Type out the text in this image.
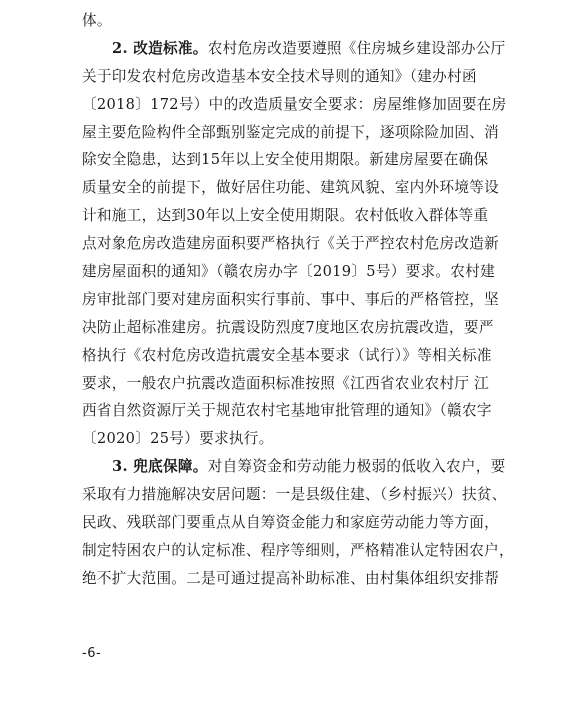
体。
2. 改造标准。农村危房改造要遵照《住房城乡建设部办公厅
关于印发农村危房改造基本安全技术导则的通知》（建办村函
〔2018〕172号）中的改造质量安全要求：房屋维修加固要在房
屋主要危险构件全部甄别鉴定完成的前提下，逐项除险加固、消
除安全隐患，达到15年以上安全使用期限。新建房屋要在确保
质量安全的前提下，做好居住功能、建筑风貌、室内外环境等设
计和施工，达到30年以上安全使用期限。农村低收入群体等重
点对象危房改造建房面积要严格执行《关于严控农村危房改造新
建房屋面积的通知》（赣农房办字〔2019〕5号）要求。农村建
房审批部门要对建房面积实行事前、事中、事后的严格管控，坚
决防止超标准建房。抗震设防烈度7度地区农房抗震改造，要严
格执行《农村危房改造抗震安全基本要求（试行）》等相关标准
要求，一般农户抗震改造面积标准按照《江西省农业农村厅 江
西省自然资源厅关于规范农村宅基地审批管理的通知》（赣农字
〔2020〕25号）要求执行。
3. 兜底保障。对自筹资金和劳动能力极弱的低收入农户，要
采取有力措施解决安居问题：一是县级住建、（乡村振兴）扶贫、
民政、残联部门要重点从自筹资金能力和家庭劳动能力等方面，
制定特困农户的认定标准、程序等细则，严格精准认定特困农户，
绝不扩大范围。二是可通过提高补助标准、由村集体组织安排帮
-6-
